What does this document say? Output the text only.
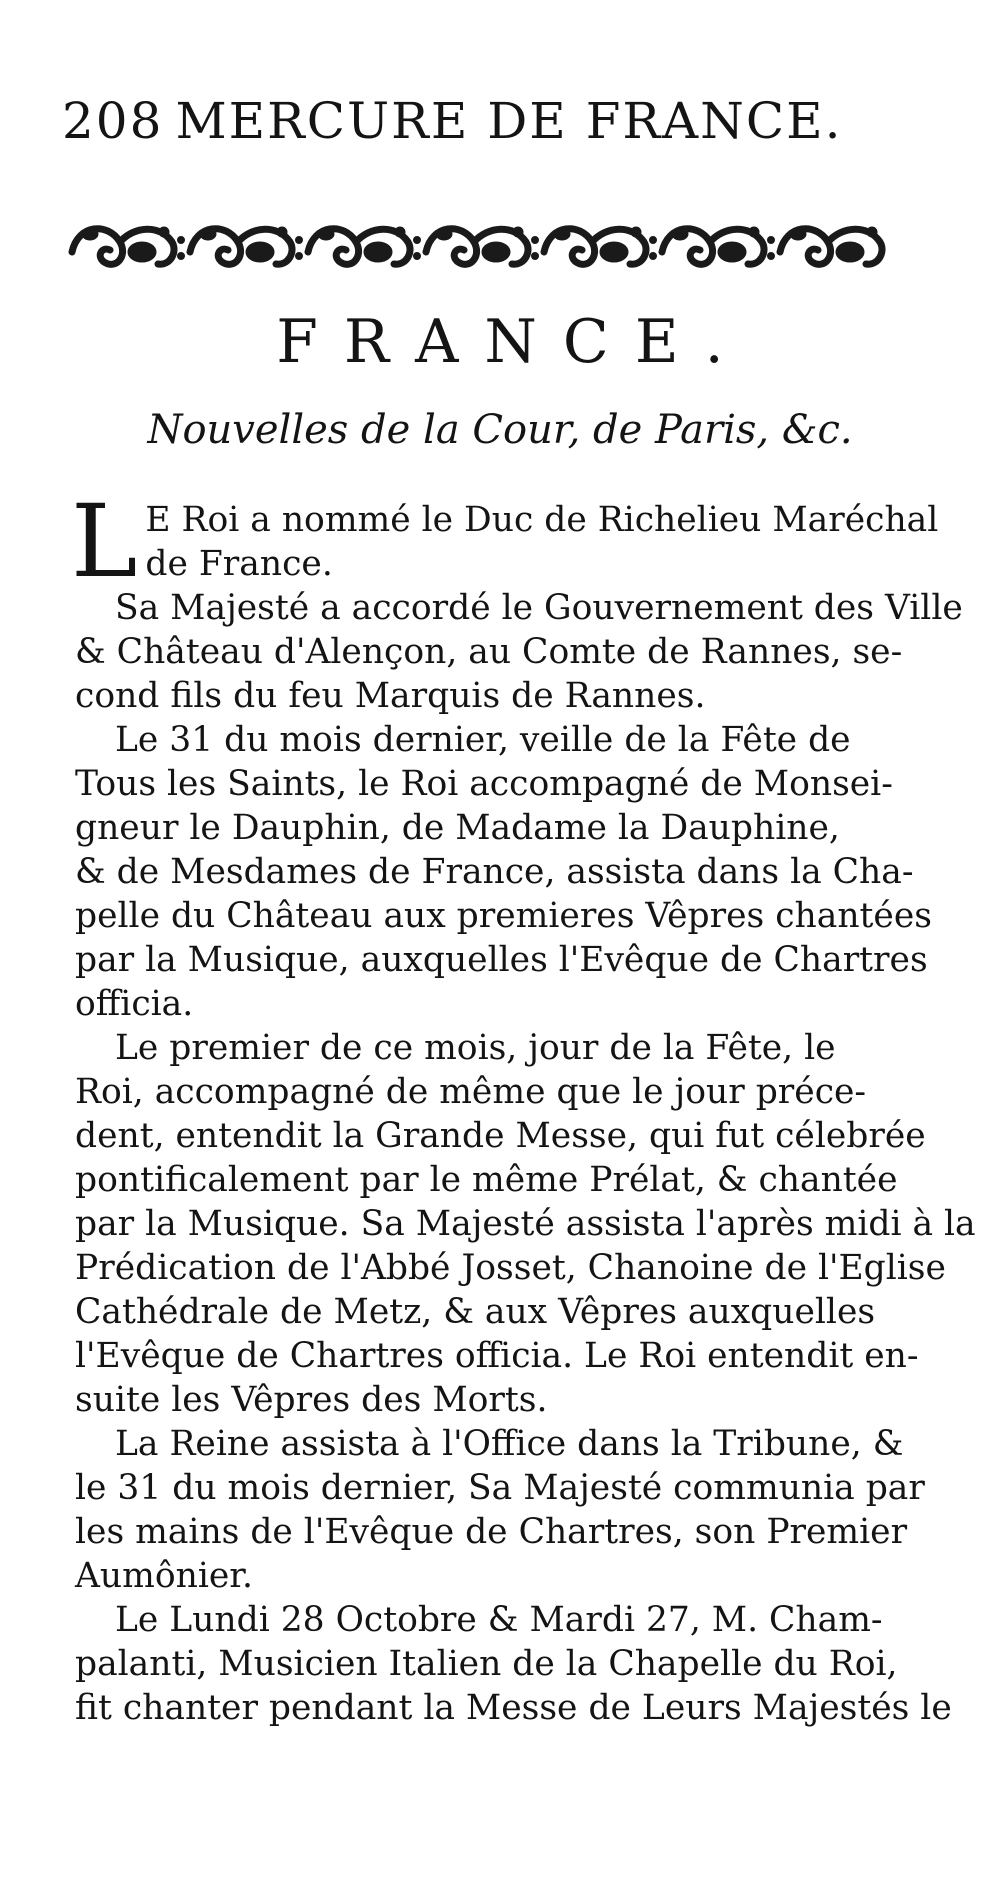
208 MERCURE DE FRANCE.
FRANCE.
Nouvelles de la Cour, de Paris, &c.
L E Roi a nommé le Duc de Richelieu Maréchal
de France.
Sa Majesté a accordé le Gouvernement des Ville
& Château d'Alençon, au Comte de Rannes, se-
cond fils du feu Marquis de Rannes.
Le 31 du mois dernier, veille de la Fête de
Tous les Saints, le Roi accompagné de Monsei-
gneur le Dauphin, de Madame la Dauphine,
& de Mesdames de France, assista dans la Cha-
pelle du Château aux premieres Vêpres chantées
par la Musique, auxquelles l'Evêque de Chartres
officia.
Le premier de ce mois, jour de la Fête, le
Roi, accompagné de même que le jour préce-
dent, entendit la Grande Messe, qui fut célebrée
pontificalement par le même Prélat, & chantée
par la Musique. Sa Majesté assista l'après midi à la
Prédication de l'Abbé Josset, Chanoine de l'Eglise
Cathédrale de Metz, & aux Vêpres auxquelles
l'Evêque de Chartres officia. Le Roi entendit en-
suite les Vêpres des Morts.
La Reine assista à l'Office dans la Tribune, &
le 31 du mois dernier, Sa Majesté communia par
les mains de l'Evêque de Chartres, son Premier
Aumônier.
Le Lundi 28 Octobre & Mardi 27, M. Cham-
palanti, Musicien Italien de la Chapelle du Roi,
fit chanter pendant la Messe de Leurs Majestés le
